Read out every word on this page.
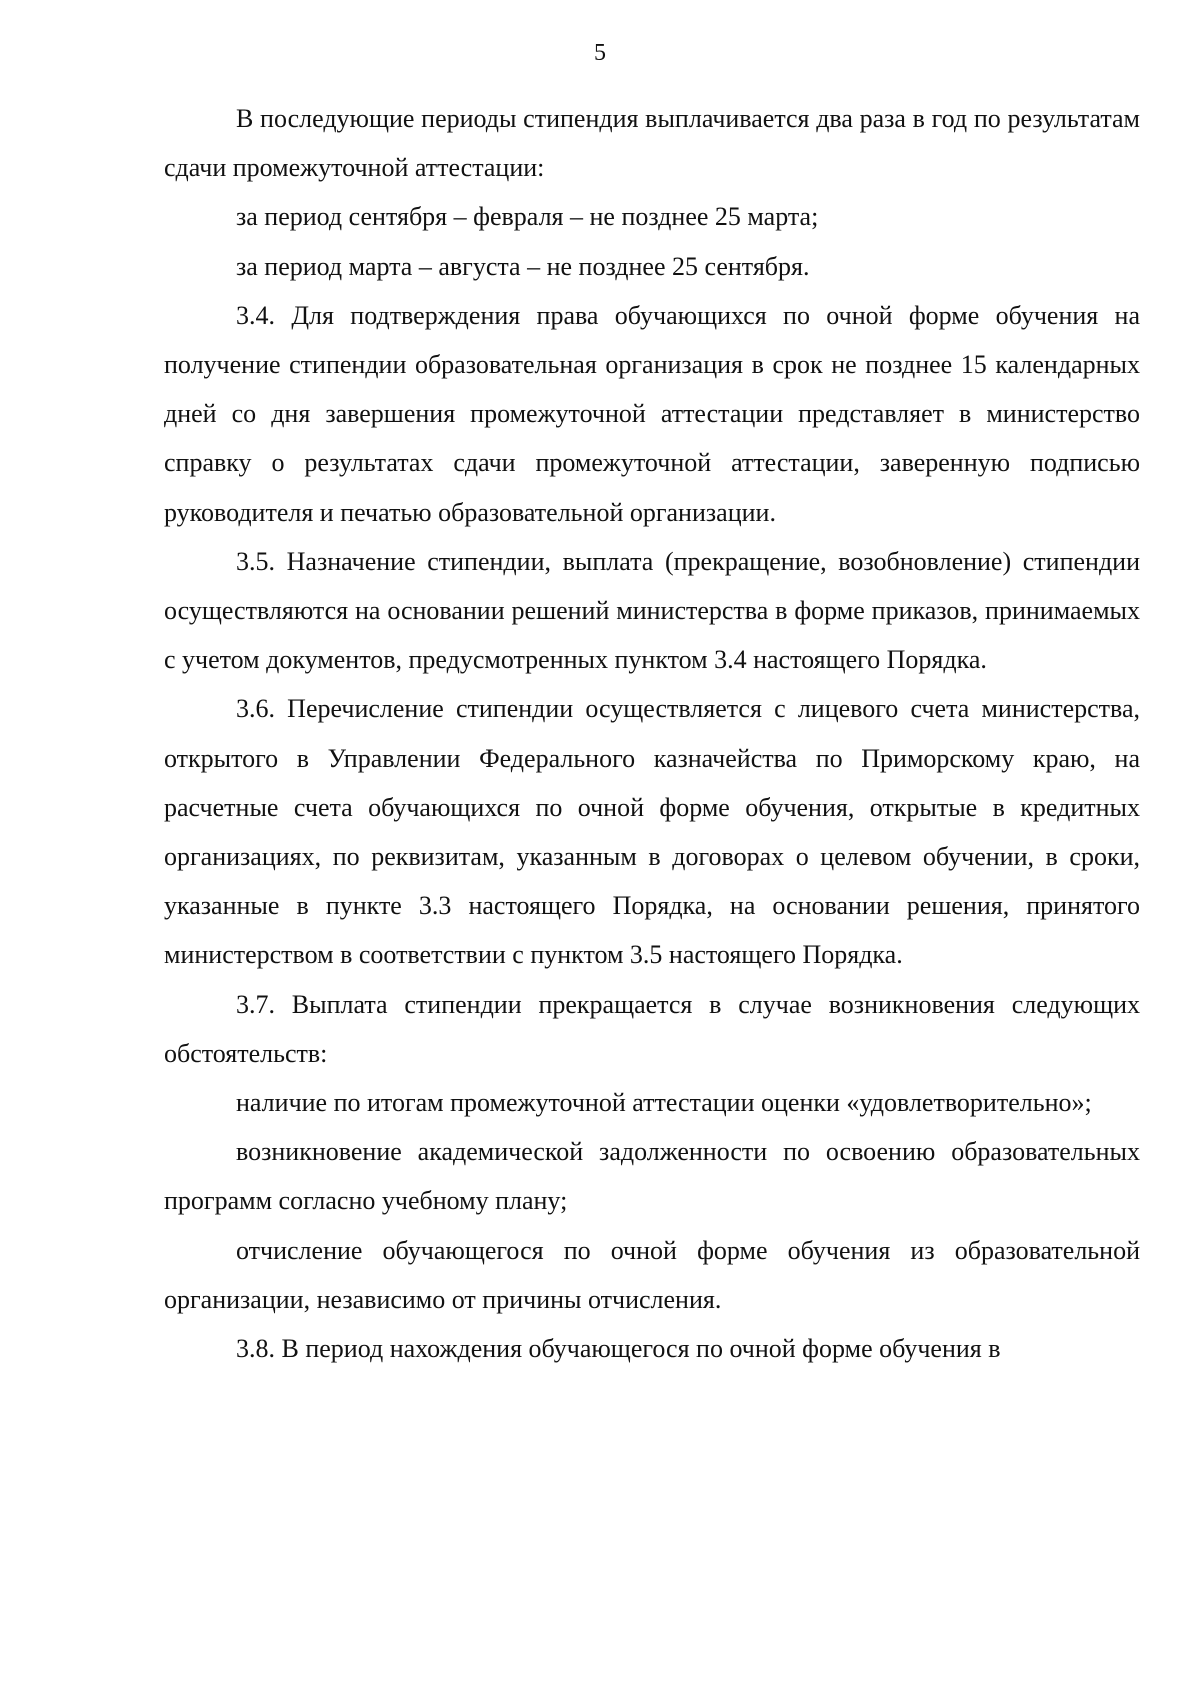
5

В последующие периоды стипендия выплачивается два раза в год по результатам сдачи промежуточной аттестации:

за период сентября – февраля – не позднее 25 марта;

за период марта – августа – не позднее 25 сентября.

3.4. Для подтверждения права обучающихся по очной форме обучения на получение стипендии образовательная организация в срок не позднее 15 календарных дней со дня завершения промежуточной аттестации представляет в министерство справку о результатах сдачи промежуточной аттестации, заверенную подписью руководителя и печатью образовательной организации.

3.5. Назначение стипендии, выплата (прекращение, возобновление) стипендии осуществляются на основании решений министерства в форме приказов, принимаемых с учетом документов, предусмотренных пунктом 3.4 настоящего Порядка.

3.6. Перечисление стипендии осуществляется с лицевого счета министерства, открытого в Управлении Федерального казначейства по Приморскому краю, на расчетные счета обучающихся по очной форме обучения, открытые в кредитных организациях, по реквизитам, указанным в договорах о целевом обучении, в сроки, указанные в пункте 3.3 настоящего Порядка, на основании решения, принятого министерством в соответствии с пунктом 3.5 настоящего Порядка.

3.7. Выплата стипендии прекращается в случае возникновения следующих обстоятельств:

наличие по итогам промежуточной аттестации оценки «удовлетворительно»;

возникновение академической задолженности по освоению образовательных программ согласно учебному плану;

отчисление обучающегося по очной форме обучения из образовательной организации, независимо от причины отчисления.

3.8. В период нахождения обучающегося по очной форме обучения в
